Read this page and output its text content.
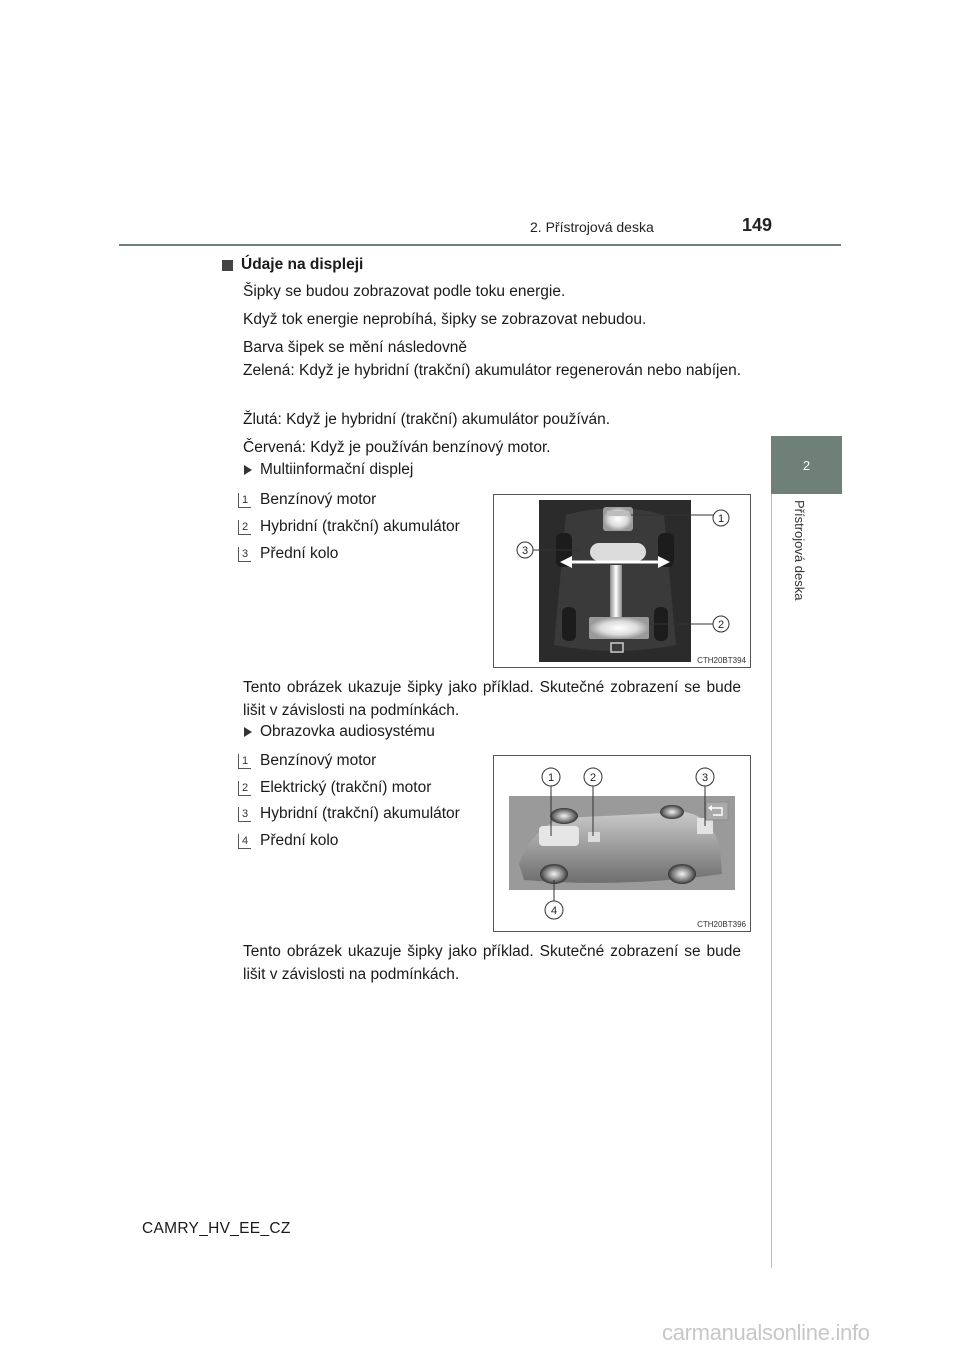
2. Přístrojová deska	149
2
Přístrojová deska
Údaje na displeji
Šipky se budou zobrazovat podle toku energie.
Když tok energie neprobíhá, šipky se zobrazovat nebudou.
Barva šipek se mění následovně
Zelená: Když je hybridní (trakční) akumulátor regenerován nebo nabíjen.
Žlutá: Když je hybridní (trakční) akumulátor používán.
Červená: Když je používán benzínový motor.
Multiinformační displej
1 Benzínový motor
2 Hybridní (trakční) akumulátor
3 Přední kolo
1
2
3
CTH20BT394
Tento obrázek ukazuje šipky jako příklad. Skutečné zobrazení se bude lišit v závislosti na podmínkách.
Obrazovka audiosystému
1 Benzínový motor
2 Elektrický (trakční) motor
3 Hybridní (trakční) akumulátor
4 Přední kolo
1	2	3
4
CTH20BT396
Tento obrázek ukazuje šipky jako příklad. Skutečné zobrazení se bude lišit v závislosti na podmínkách.
CAMRY_HV_EE_CZ
carmanualsonline.info
